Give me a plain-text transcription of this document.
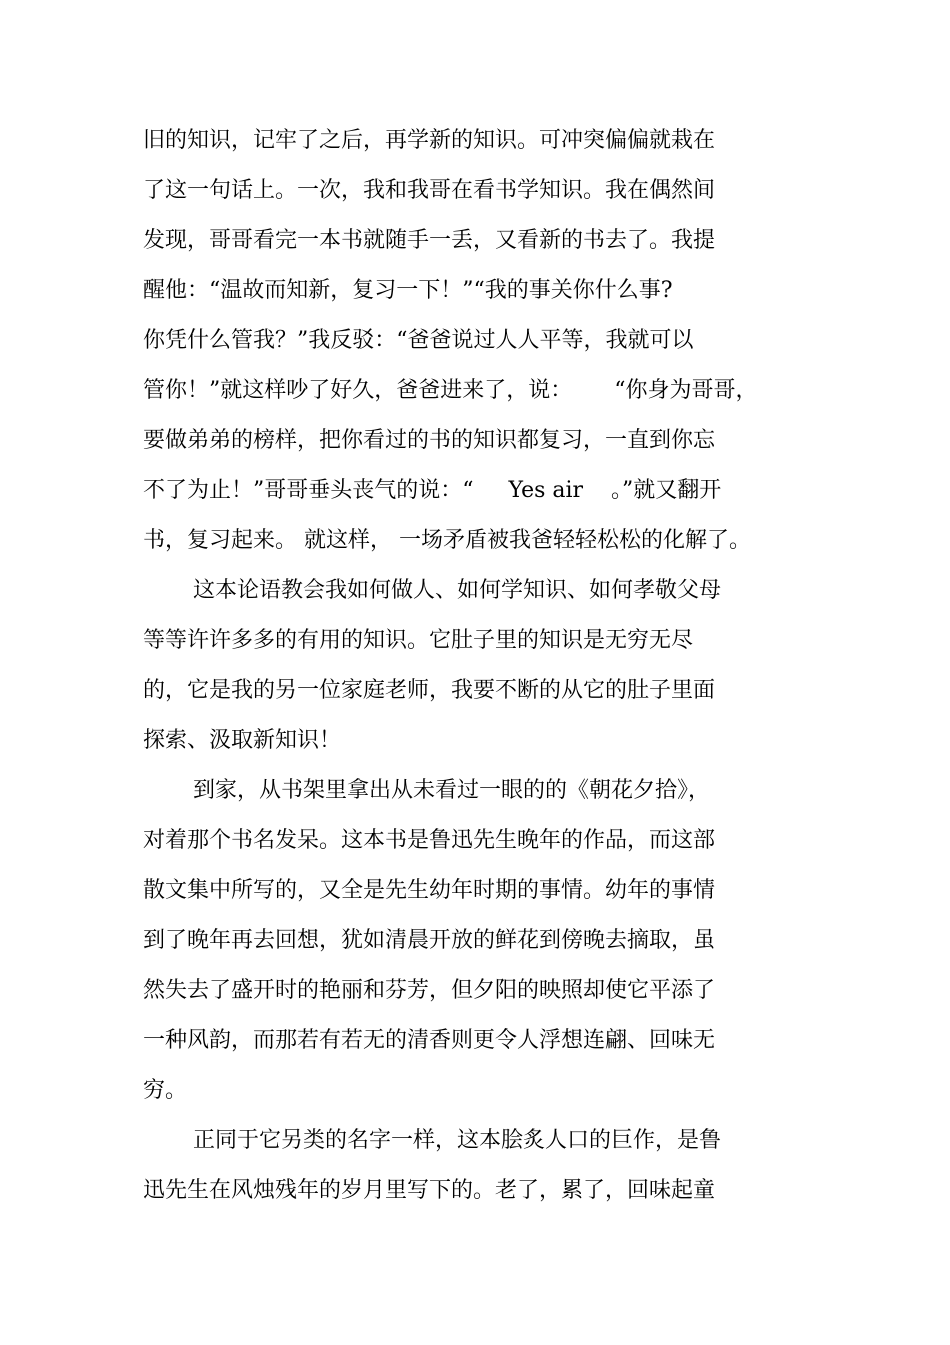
旧的知识，记牢了之后，再学新的知识。可冲突偏偏就栽在
了这一句话上。一次，我和我哥在看书学知识。我在偶然间
发现，哥哥看完一本书就随手一丢，又看新的书去了。我提
醒他：“温故而知新，复习一下！”“我的事关你什么事?
你凭什么管我？”我反驳：“爸爸说过人人平等，我就可以
管你！”就这样吵了好久，爸爸进来了，说：      “你身为哥哥，
要做弟弟的榜样，把你看过的书的知识都复习，一直到你忘
不了为止！”哥哥垂头丧气的说：“     Yes air    。”就又翻开
书，复习起来。 就这样， 一场矛盾被我爸轻轻松松的化解了。
这本论语教会我如何做人、如何学知识、如何孝敬父母
等等许许多多的有用的知识。它肚子里的知识是无穷无尽
的，它是我的另一位家庭老师，我要不断的从它的肚子里面
探索、汲取新知识！
到家，从书架里拿出从未看过一眼的的《朝花夕拾》，
对着那个书名发呆。这本书是鲁迅先生晚年的作品，而这部
散文集中所写的，又全是先生幼年时期的事情。幼年的事情
到了晚年再去回想，犹如清晨开放的鲜花到傍晚去摘取，虽
然失去了盛开时的艳丽和芬芳，但夕阳的映照却使它平添了
一种风韵，而那若有若无的清香则更令人浮想连翩、回味无
穷。
正同于它另类的名字一样，这本脍炙人口的巨作，是鲁
迅先生在风烛残年的岁月里写下的。老了，累了，回味起童
